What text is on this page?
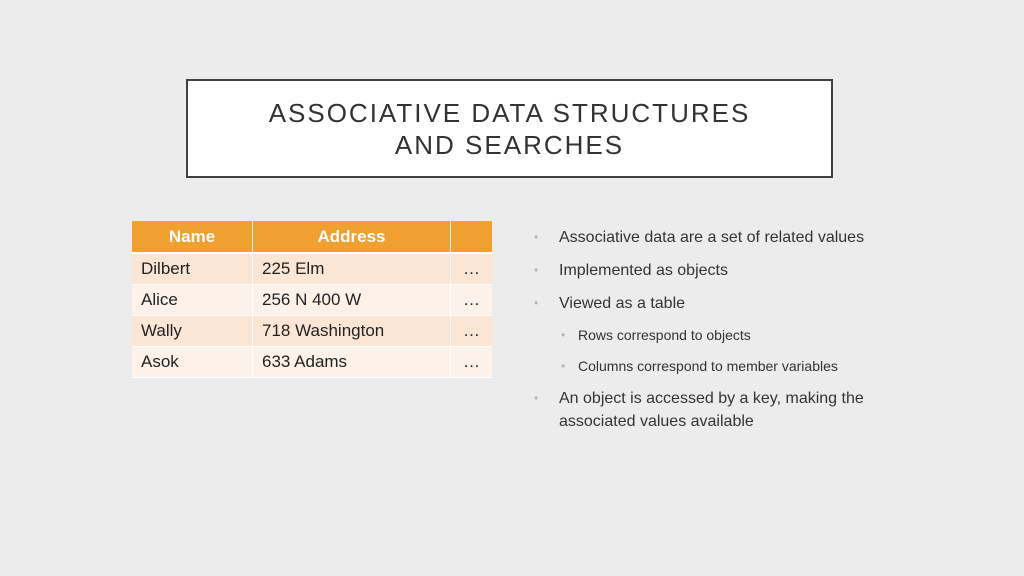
ASSOCIATIVE DATA STRUCTURES
AND SEARCHES
Name	Address	
Dilbert	225 Elm	…
Alice	256 N 400 W	…
Wally	718 Washington	…
Asok	633 Adams	…
• Associative data are a set of related values
• Implemented as objects
• Viewed as a table
• Rows correspond to objects
• Columns correspond to member variables
• An object is accessed by a key, making the associated values available
